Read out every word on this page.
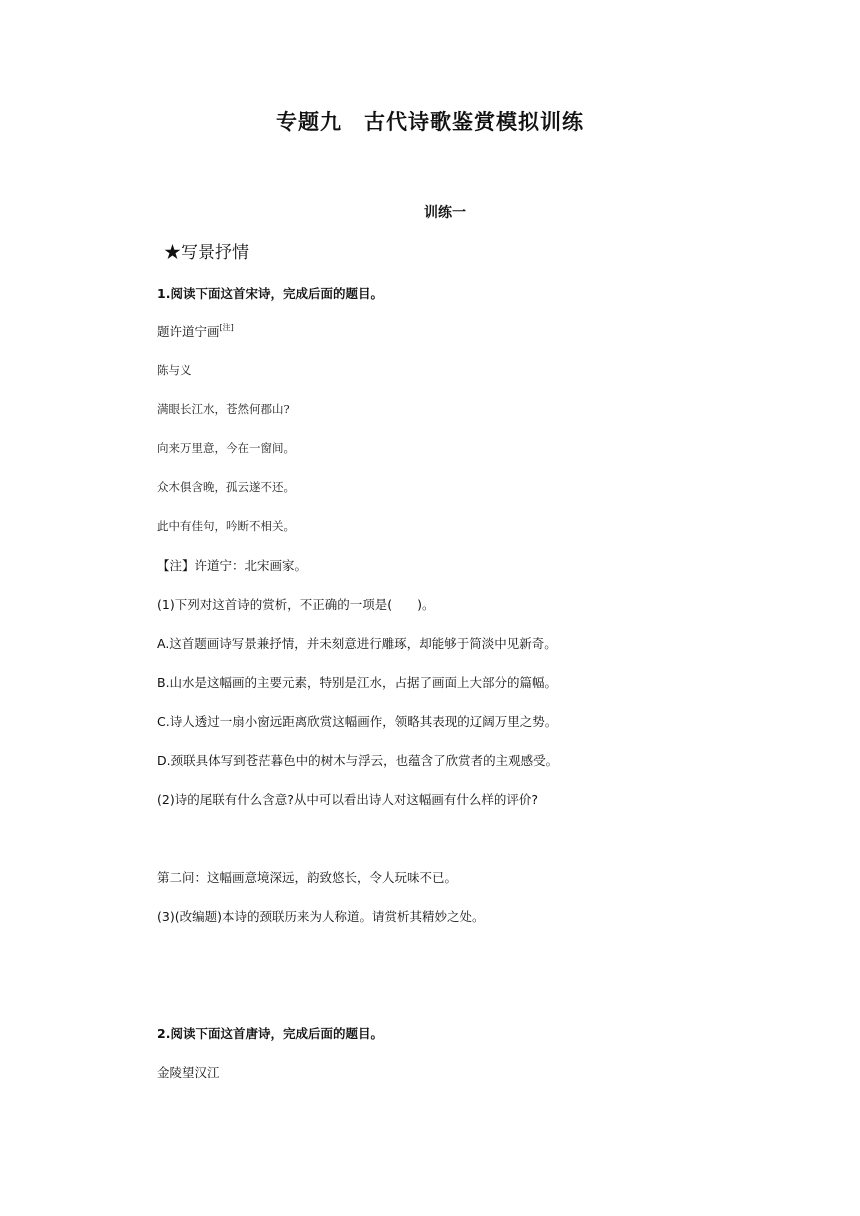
专题九　古代诗歌鉴赏模拟训练
训练一
★写景抒情
1.阅读下面这首宋诗，完成后面的题目。
题许道宁画[注]
陈与义
满眼长江水，苍然何郡山?
向来万里意，今在一窗间。
众木俱含晚，孤云遂不还。
此中有佳句，吟断不相关。
【注】许道宁：北宋画家。
(1)下列对这首诗的赏析，不正确的一项是(　　)。
A.这首题画诗写景兼抒情，并未刻意进行雕琢，却能够于简淡中见新奇。
B.山水是这幅画的主要元素，特别是江水，占据了画面上大部分的篇幅。
C.诗人透过一扇小窗远距离欣赏这幅画作，领略其表现的辽阔万里之势。
D.颈联具体写到苍茫暮色中的树木与浮云，也蕴含了欣赏者的主观感受。
(2)诗的尾联有什么含意?从中可以看出诗人对这幅画有什么样的评价?
第二问：这幅画意境深远，韵致悠长，令人玩味不已。
(3)(改编题)本诗的颈联历来为人称道。请赏析其精妙之处。
2.阅读下面这首唐诗，完成后面的题目。
金陵望汉江
